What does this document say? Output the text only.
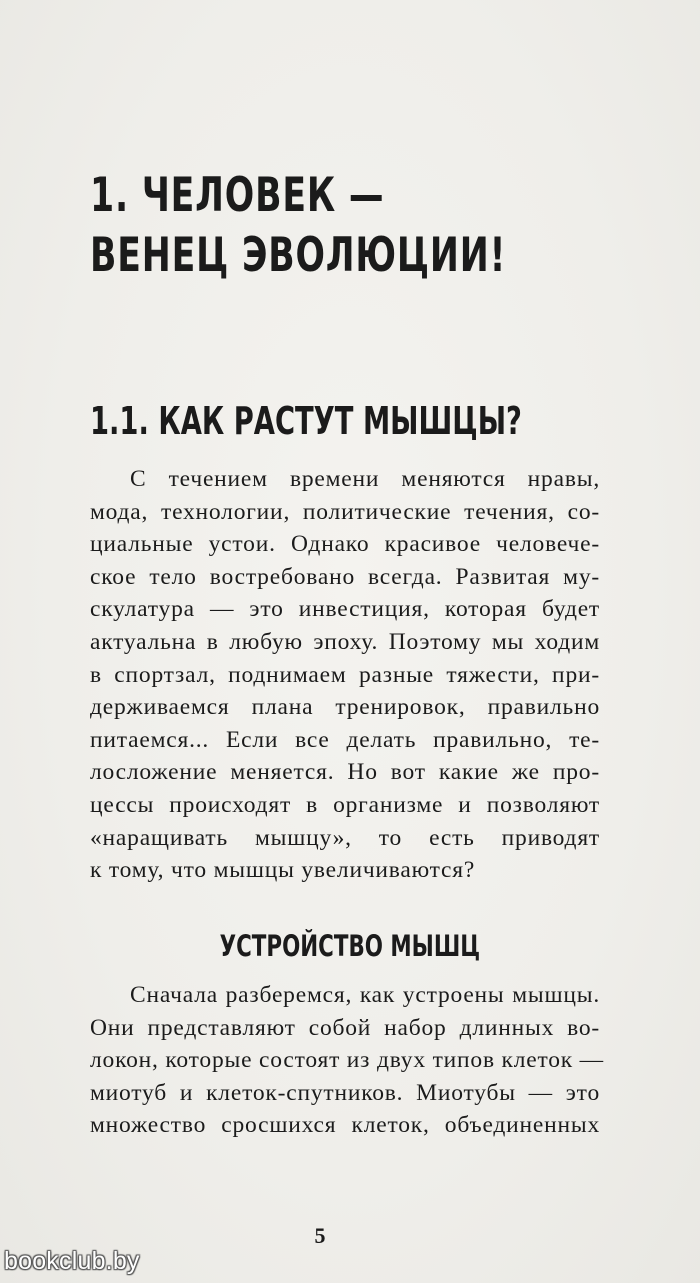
1. ЧЕЛОВЕК —
ВЕНЕЦ ЭВОЛЮЦИИ!
1.1. КАК РАСТУТ МЫШЦЫ?

С течением времени меняются нравы,
мода, технологии, политические течения, со-
циальные устои. Однако красивое человече-
ское тело востребовано всегда. Развитая му-
скулатура — это инвестиция, которая будет
актуальна в любую эпоху. Поэтому мы ходим
в спортзал, поднимаем разные тяжести, при-
держиваемся плана тренировок, правильно
питаемся... Если все делать правильно, те-
лосложение меняется. Но вот какие же про-
цессы происходят в организме и позволяют
«наращивать мышцу», то есть приводят
к тому, что мышцы увеличиваются?

УСТРОЙСТВО МЫШЦ

Сначала разберемся, как устроены мышцы.
Они представляют собой набор длинных во-
локон, которые состоят из двух типов клеток —
миотуб и клеток-спутников. Миотубы — это
множество сросшихся клеток, объединенных

5
bookclub.by
